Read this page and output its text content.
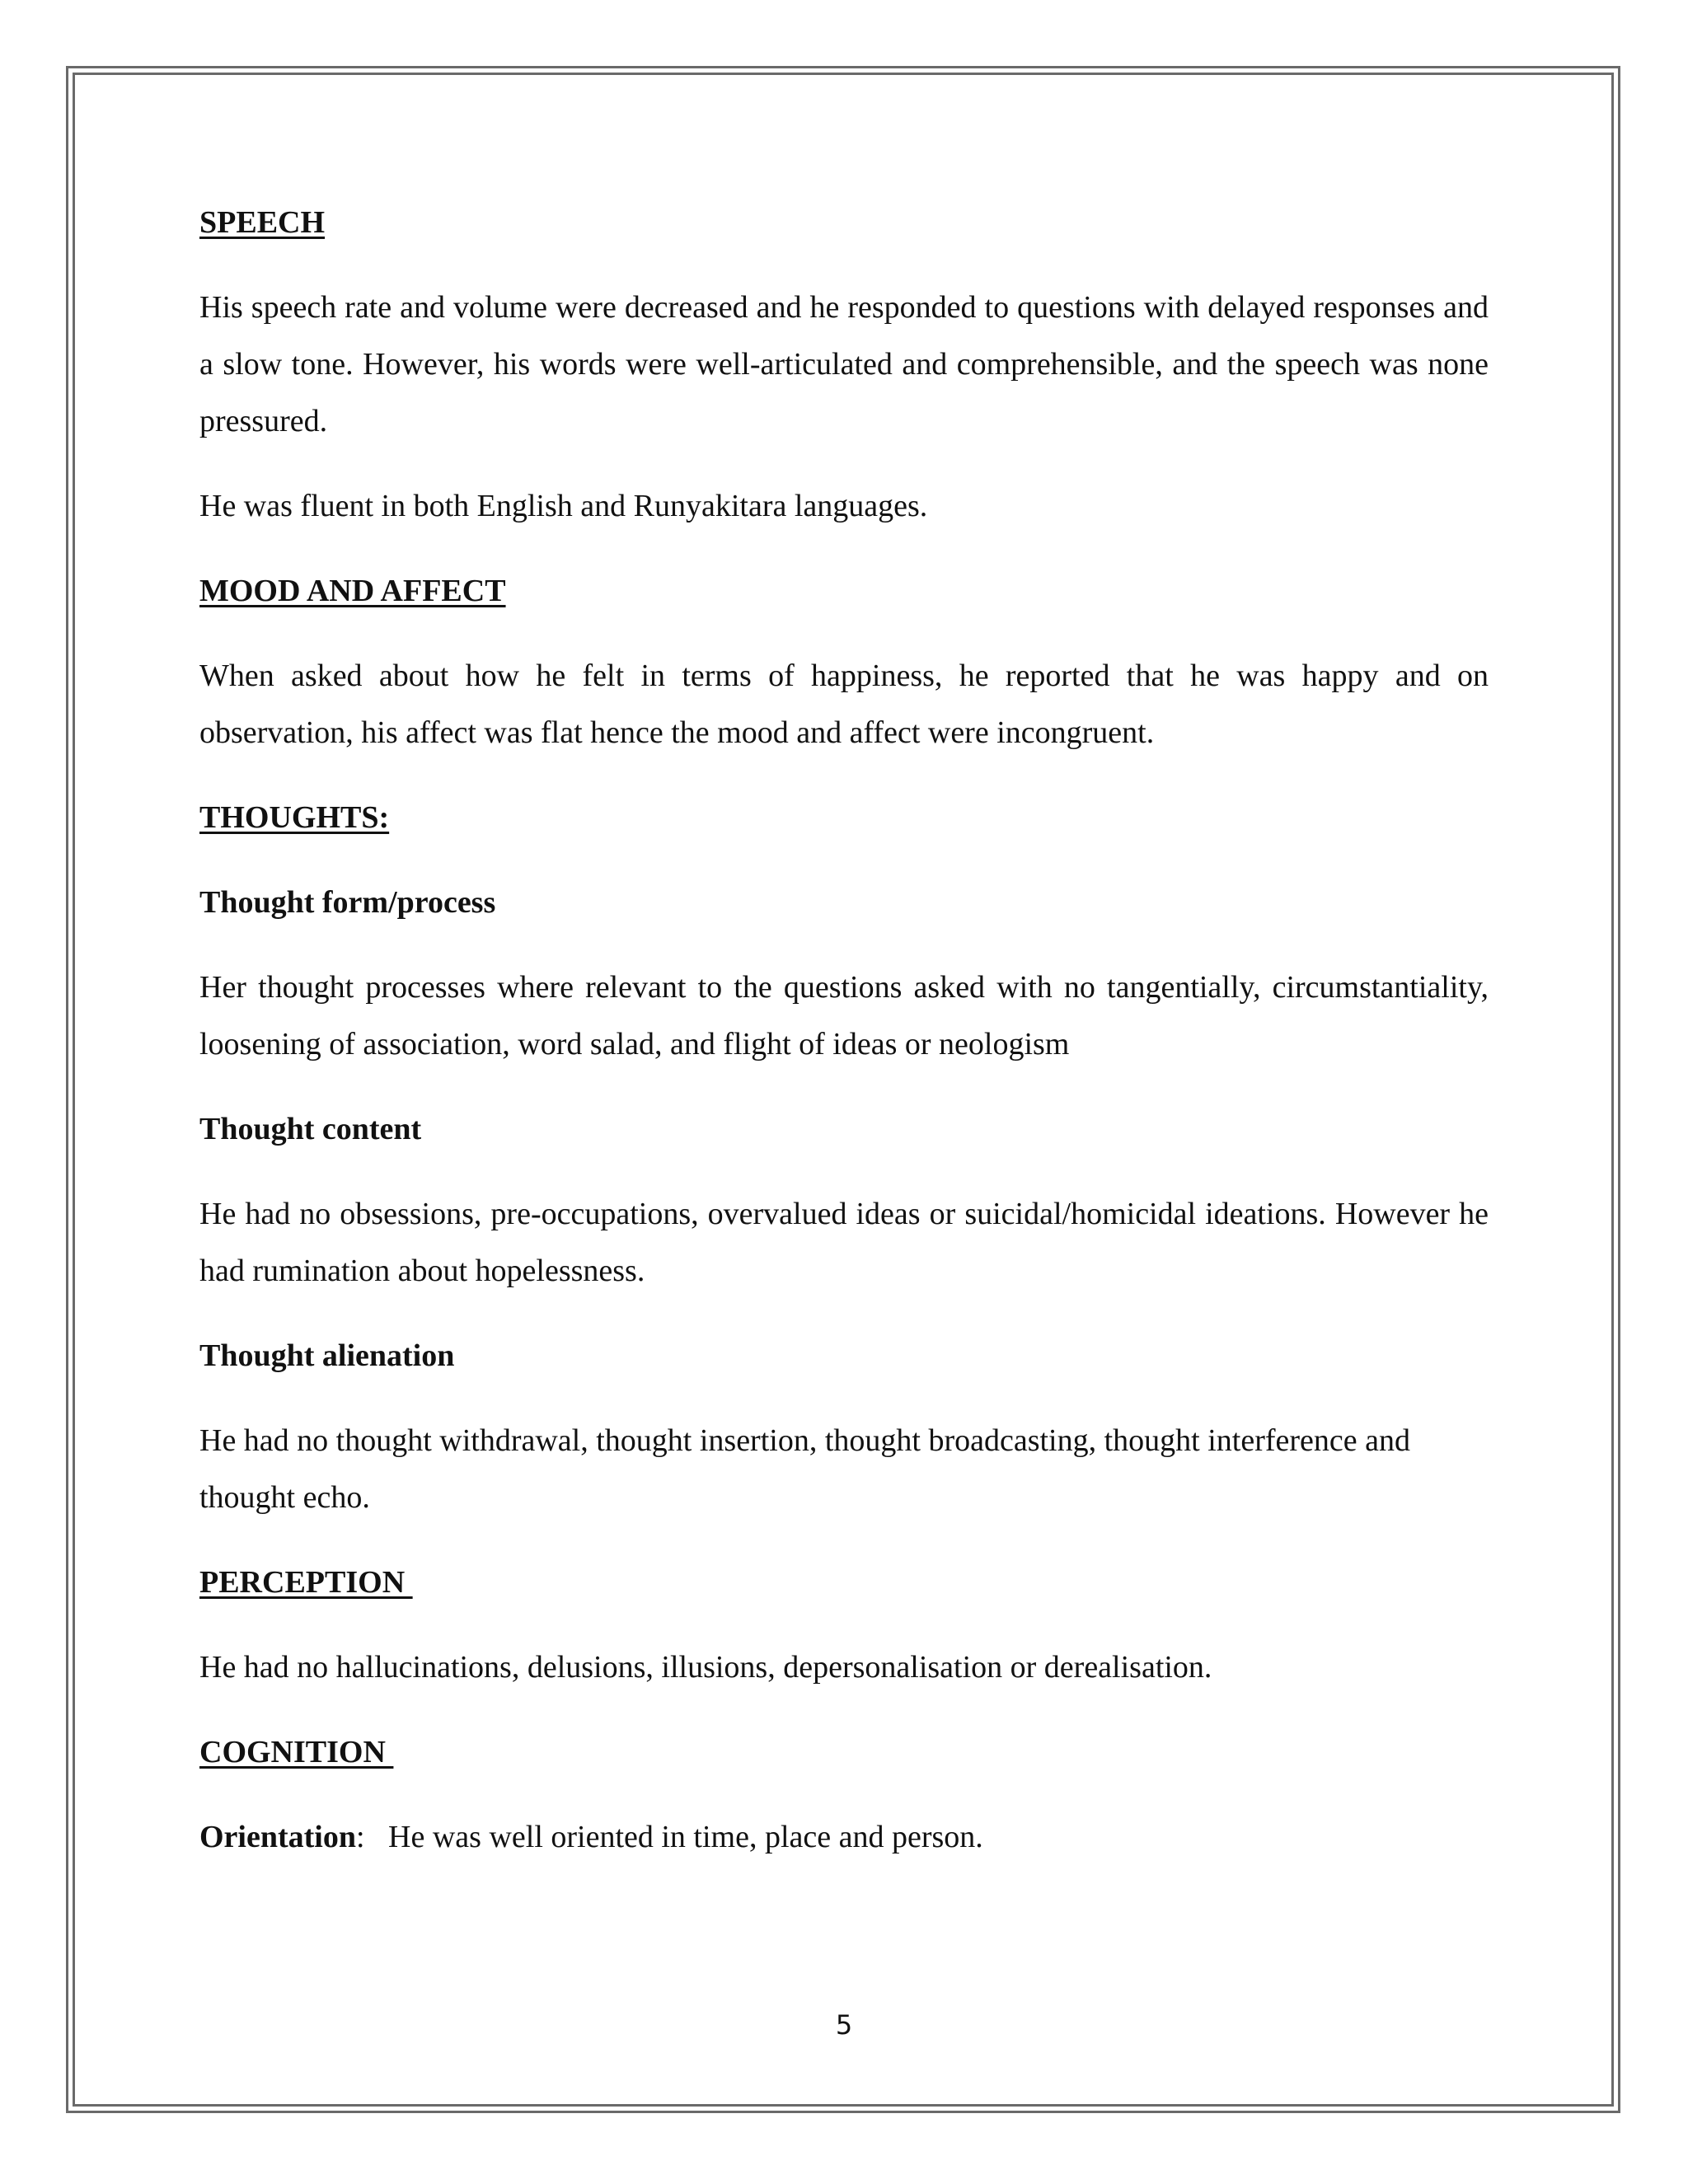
SPEECH
His speech rate and volume were decreased and he responded to questions with delayed responses and a slow tone. However, his words were well-articulated and comprehensible, and the speech was none pressured.
He was fluent in both English and Runyakitara languages.
MOOD AND AFFECT
When asked about how he felt in terms of happiness, he reported that he was happy and on observation, his affect was flat hence the mood and affect were incongruent.
THOUGHTS:
Thought form/process
Her thought processes where relevant to the questions asked with no tangentially, circumstantiality, loosening of association, word salad, and flight of ideas or neologism
Thought content
He had no obsessions, pre-occupations, overvalued ideas or suicidal/homicidal ideations. However he had rumination about hopelessness.
Thought alienation
He had no thought withdrawal, thought insertion, thought broadcasting, thought interference and thought echo.
PERCEPTION
He had no hallucinations, delusions, illusions, depersonalisation or derealisation.
COGNITION
Orientation:   He was well oriented in time, place and person.
5
